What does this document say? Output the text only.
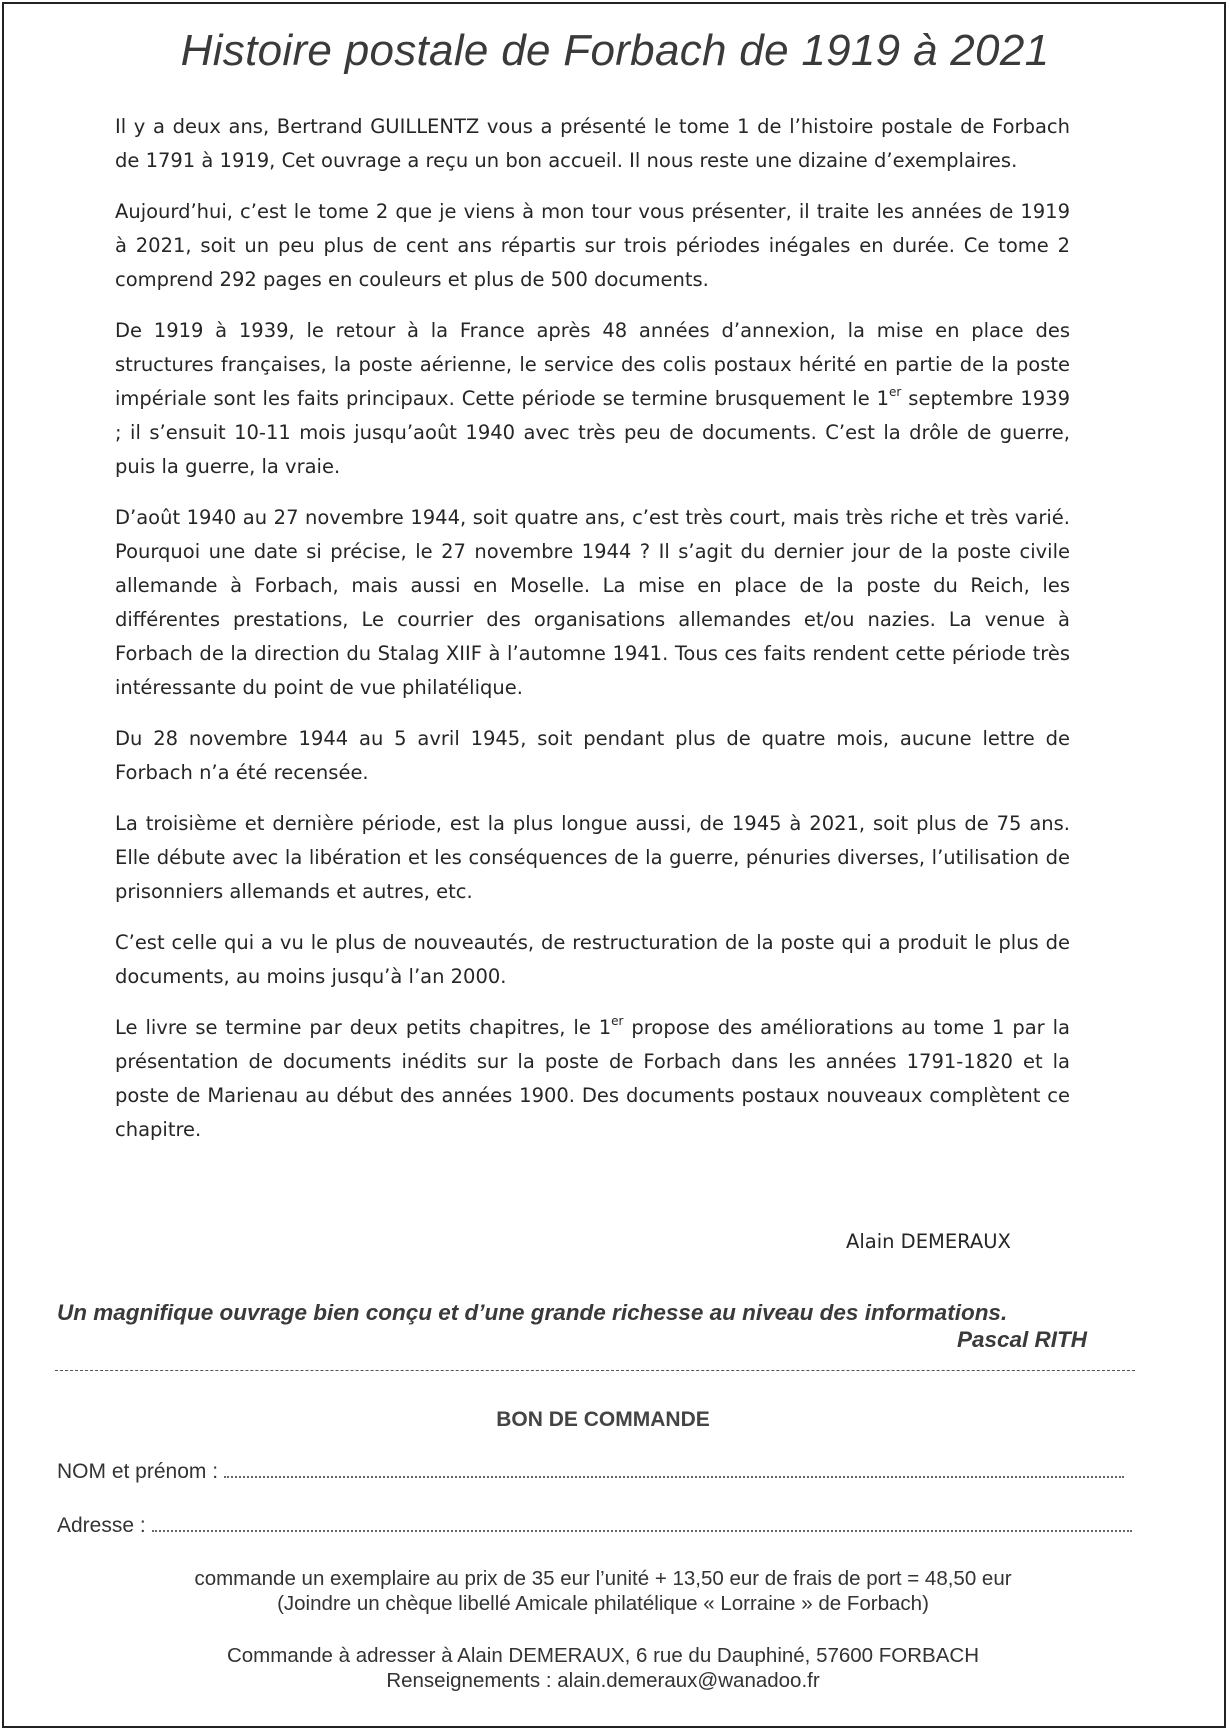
Histoire postale de Forbach de 1919 à 2021

Il y a deux ans, Bertrand GUILLENTZ vous a présenté le tome 1 de l’histoire postale de Forbach de 1791 à 1919, Cet ouvrage a reçu un bon accueil. Il nous reste une dizaine d’exemplaires.

Aujourd’hui, c’est le tome 2 que je viens à mon tour vous présenter, il traite les années de 1919 à 2021, soit un peu plus de cent ans répartis sur trois périodes inégales en durée. Ce tome 2 comprend 292 pages en couleurs et plus de 500 documents.

De 1919 à 1939, le retour à la France après 48 années d’annexion, la mise en place des structures françaises, la poste aérienne, le service des colis postaux hérité en partie de la poste impériale sont les faits principaux. Cette période se termine brusquement le 1er septembre 1939 ; il s’ensuit 10-11 mois jusqu’août 1940 avec très peu de documents. C’est la drôle de guerre, puis la guerre, la vraie.

D’août 1940 au 27 novembre 1944, soit quatre ans, c’est très court, mais très riche et très varié. Pourquoi une date si précise, le 27 novembre 1944 ? Il s’agit du dernier jour de la poste civile allemande à Forbach, mais aussi en Moselle. La mise en place de la poste du Reich, les différentes prestations, Le courrier des organisations allemandes et/ou nazies. La venue à Forbach de la direction du Stalag XIIF à l’automne 1941. Tous ces faits rendent cette période très intéressante du point de vue philatélique.

Du 28 novembre 1944 au 5 avril 1945, soit pendant plus de quatre mois, aucune lettre de Forbach n’a été recensée.

La troisième et dernière période, est la plus longue aussi, de 1945 à 2021, soit plus de 75 ans. Elle débute avec la libération et les conséquences de la guerre, pénuries diverses, l’utilisation de prisonniers allemands et autres, etc.

C’est celle qui a vu le plus de nouveautés, de restructuration de la poste qui a produit le plus de documents, au moins jusqu’à l’an 2000.

Le livre se termine par deux petits chapitres, le 1er propose des améliorations au tome 1 par la présentation de documents inédits sur la poste de Forbach dans les années 1791-1820 et la poste de Marienau au début des années 1900. Des documents postaux nouveaux complètent ce chapitre.

Alain DEMERAUX
Un magnifique ouvrage bien conçu et d’une grande richesse au niveau des informations.
Pascal RITH
BON DE COMMANDE
NOM et prénom :
Adresse :
commande un exemplaire au prix de 35 eur l’unité + 13,50 eur de frais de port = 48,50 eur
(Joindre un chèque libellé Amicale philatélique « Lorraine » de Forbach)
Commande à adresser à Alain DEMERAUX, 6 rue du Dauphiné, 57600 FORBACH
Renseignements : alain.demeraux@wanadoo.fr
